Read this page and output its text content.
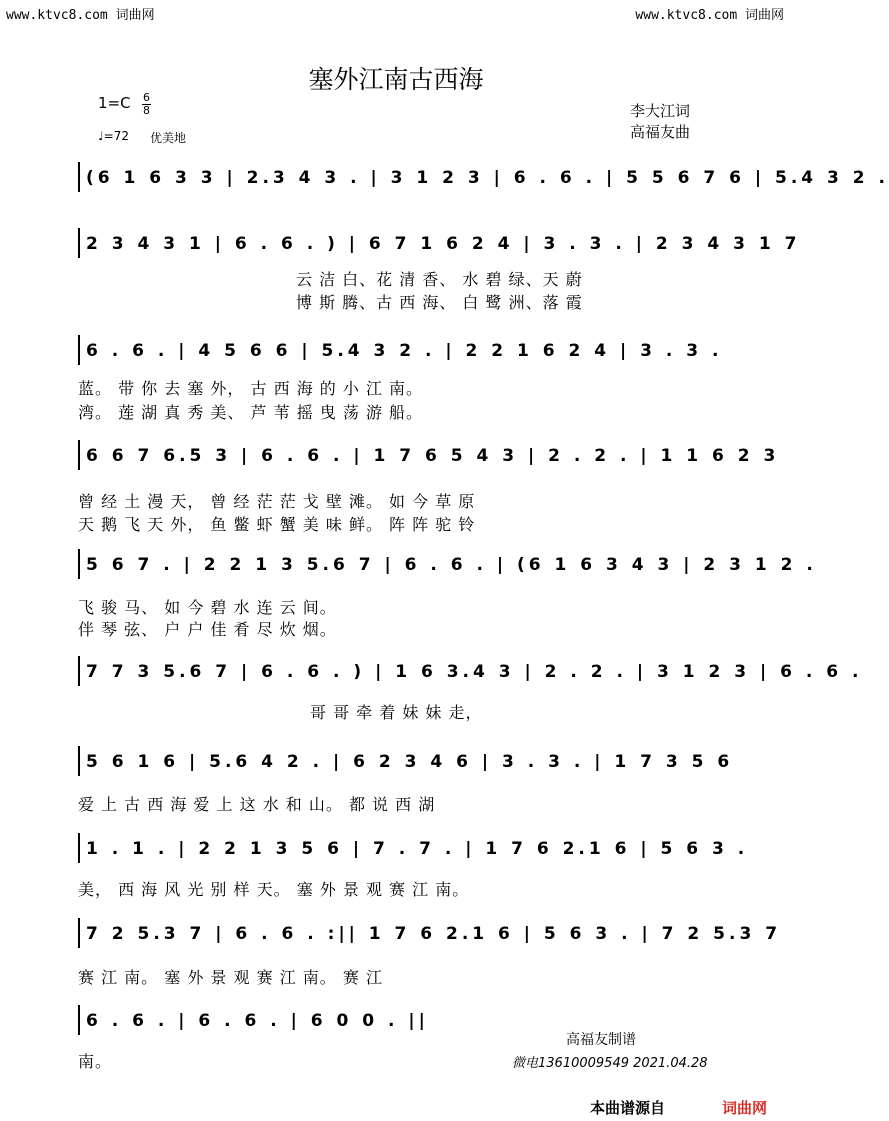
www.ktvc8.com 词曲网	www.ktvc8.com 词曲网
塞外江南古西海
1=C 6
8
♩=72 优美地
李大江词
高福友曲
(6 1 6 3 3 | 2.3 4 3 . | 3 1 2 3 | 6 . 6 . | 5 5 6 7 6 | 5.4 3 2 .
2 3 4 3 1 | 6 . 6 . ) | 6 7 1 6 2 4 | 3 . 3 . | 2 3 4 3 1 7
云 洁 白、花 清 香、 水 碧 绿、天 蔚
博 斯 腾、古 西 海、 白 鹭 洲、落 霞
6 . 6 . | 4 5 6 6 | 5.4 3 2 . | 2 2 1 6 2 4 | 3 . 3 .
蓝。 带 你 去 塞 外， 古 西 海 的 小 江 南。
湾。 莲 湖 真 秀 美、 芦 苇 摇 曳 荡 游 船。
6 6 7 6.5 3 | 6 . 6 . | 1 7 6 5 4 3 | 2 . 2 . | 1 1 6 2 3
曾 经 土 漫 天， 曾 经 茫 茫 戈 壁 滩。 如 今 草 原
天 鹅 飞 天 外， 鱼 鳖 虾 蟹 美 味 鲜。 阵 阵 驼 铃
5 6 7 . | 2 2 1 3 5.6 7 | 6 . 6 . | (6 1 6 3 4 3 | 2 3 1 2 .
飞 骏 马、 如 今 碧 水 连 云 间。
伴 琴 弦、 户 户 佳 肴 尽 炊 烟。
7 7 3 5.6 7 | 6 . 6 . ) | 1 6 3.4 3 | 2 . 2 . | 3 1 2 3 | 6 . 6 .
哥 哥 牵 着 妹 妹 走，
5 6 1 6 | 5.6 4 2 . | 6 2 3 4 6 | 3 . 3 . | 1 7 3 5 6
爱 上 古 西 海 爱 上 这 水 和 山。 都 说 西 湖
1 . 1 . | 2 2 1 3 5 6 | 7 . 7 . | 1 7 6 2.1 6 | 5 6 3 .
美， 西 海 风 光 别 样 天。 塞 外 景 观 赛 江 南。
7 2 5.3 7 | 6 . 6 . :|| 1 7 6 2.1 6 | 5 6 3 . | 7 2 5.3 7
赛 江 南。 塞 外 景 观 赛 江 南。 赛 江
6 . 6 . | 6 . 6 . | 6 0 0 . ||
南。
高福友制谱
微电13610009549 2021.04.28
本曲谱源自	词曲网
